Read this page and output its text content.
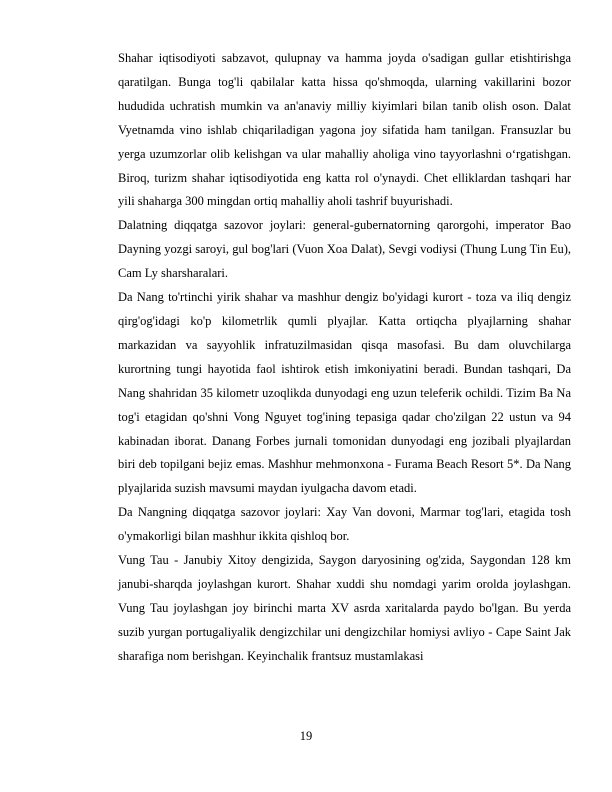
Shahar iqtisodiyoti sabzavot, qulupnay va hamma joyda o'sadigan gullar etishtirishga qaratilgan. Bunga tog'li qabilalar katta hissa qo'shmoqda, ularning vakillarini bozor hududida uchratish mumkin va an'anaviy milliy kiyimlari bilan tanib olish oson. Dalat Vyetnamda vino ishlab chiqariladigan yagona joy sifatida ham tanilgan. Fransuzlar bu yerga uzumzorlar olib kelishgan va ular mahalliy aholiga vino tayyorlashni o‘rgatishgan. Biroq, turizm shahar iqtisodiyotida eng katta rol o'ynaydi. Chet elliklardan tashqari har yili shaharga 300 mingdan ortiq mahalliy aholi tashrif buyurishadi.

Dalatning diqqatga sazovor joylari: general-gubernatorning qarorgohi, imperator Bao Dayning yozgi saroyi, gul bog'lari (Vuon Xoa Dalat), Sevgi vodiysi (Thung Lung Tin Eu), Cam Ly sharsharalari.

Da Nang to'rtinchi yirik shahar va mashhur dengiz bo'yidagi kurort - toza va iliq dengiz qirg'og'idagi ko'p kilometrlik qumli plyajlar. Katta ortiqcha plyajlarning shahar markazidan va sayyohlik infratuzilmasidan qisqa masofasi. Bu dam oluvchilarga kurortning tungi hayotida faol ishtirok etish imkoniyatini beradi. Bundan tashqari, Da Nang shahridan 35 kilometr uzoqlikda dunyodagi eng uzun teleferik ochildi. Tizim Ba Na tog'i etagidan qo'shni Vong Nguyet tog'ining tepasiga qadar cho'zilgan 22 ustun va 94 kabinadan iborat. Danang Forbes jurnali tomonidan dunyodagi eng jozibali plyajlardan biri deb topilgani bejiz emas. Mashhur mehmonxona - Furama Beach Resort 5*. Da Nang plyajlarida suzish mavsumi maydan iyulgacha davom etadi.

Da Nangning diqqatga sazovor joylari: Xay Van dovoni, Marmar tog'lari, etagida tosh o'ymakorligi bilan mashhur ikkita qishloq bor.

Vung Tau - Janubiy Xitoy dengizida, Saygon daryosining og'zida, Saygondan 128 km janubi-sharqda joylashgan kurort. Shahar xuddi shu nomdagi yarim orolda joylashgan. Vung Tau joylashgan joy birinchi marta XV asrda xaritalarda paydo bo'lgan. Bu yerda suzib yurgan portugaliyalik dengizchilar uni dengizchilar homiysi avliyo - Cape Saint Jak sharafiga nom berishgan. Keyinchalik frantsuz mustamlakasi

19
